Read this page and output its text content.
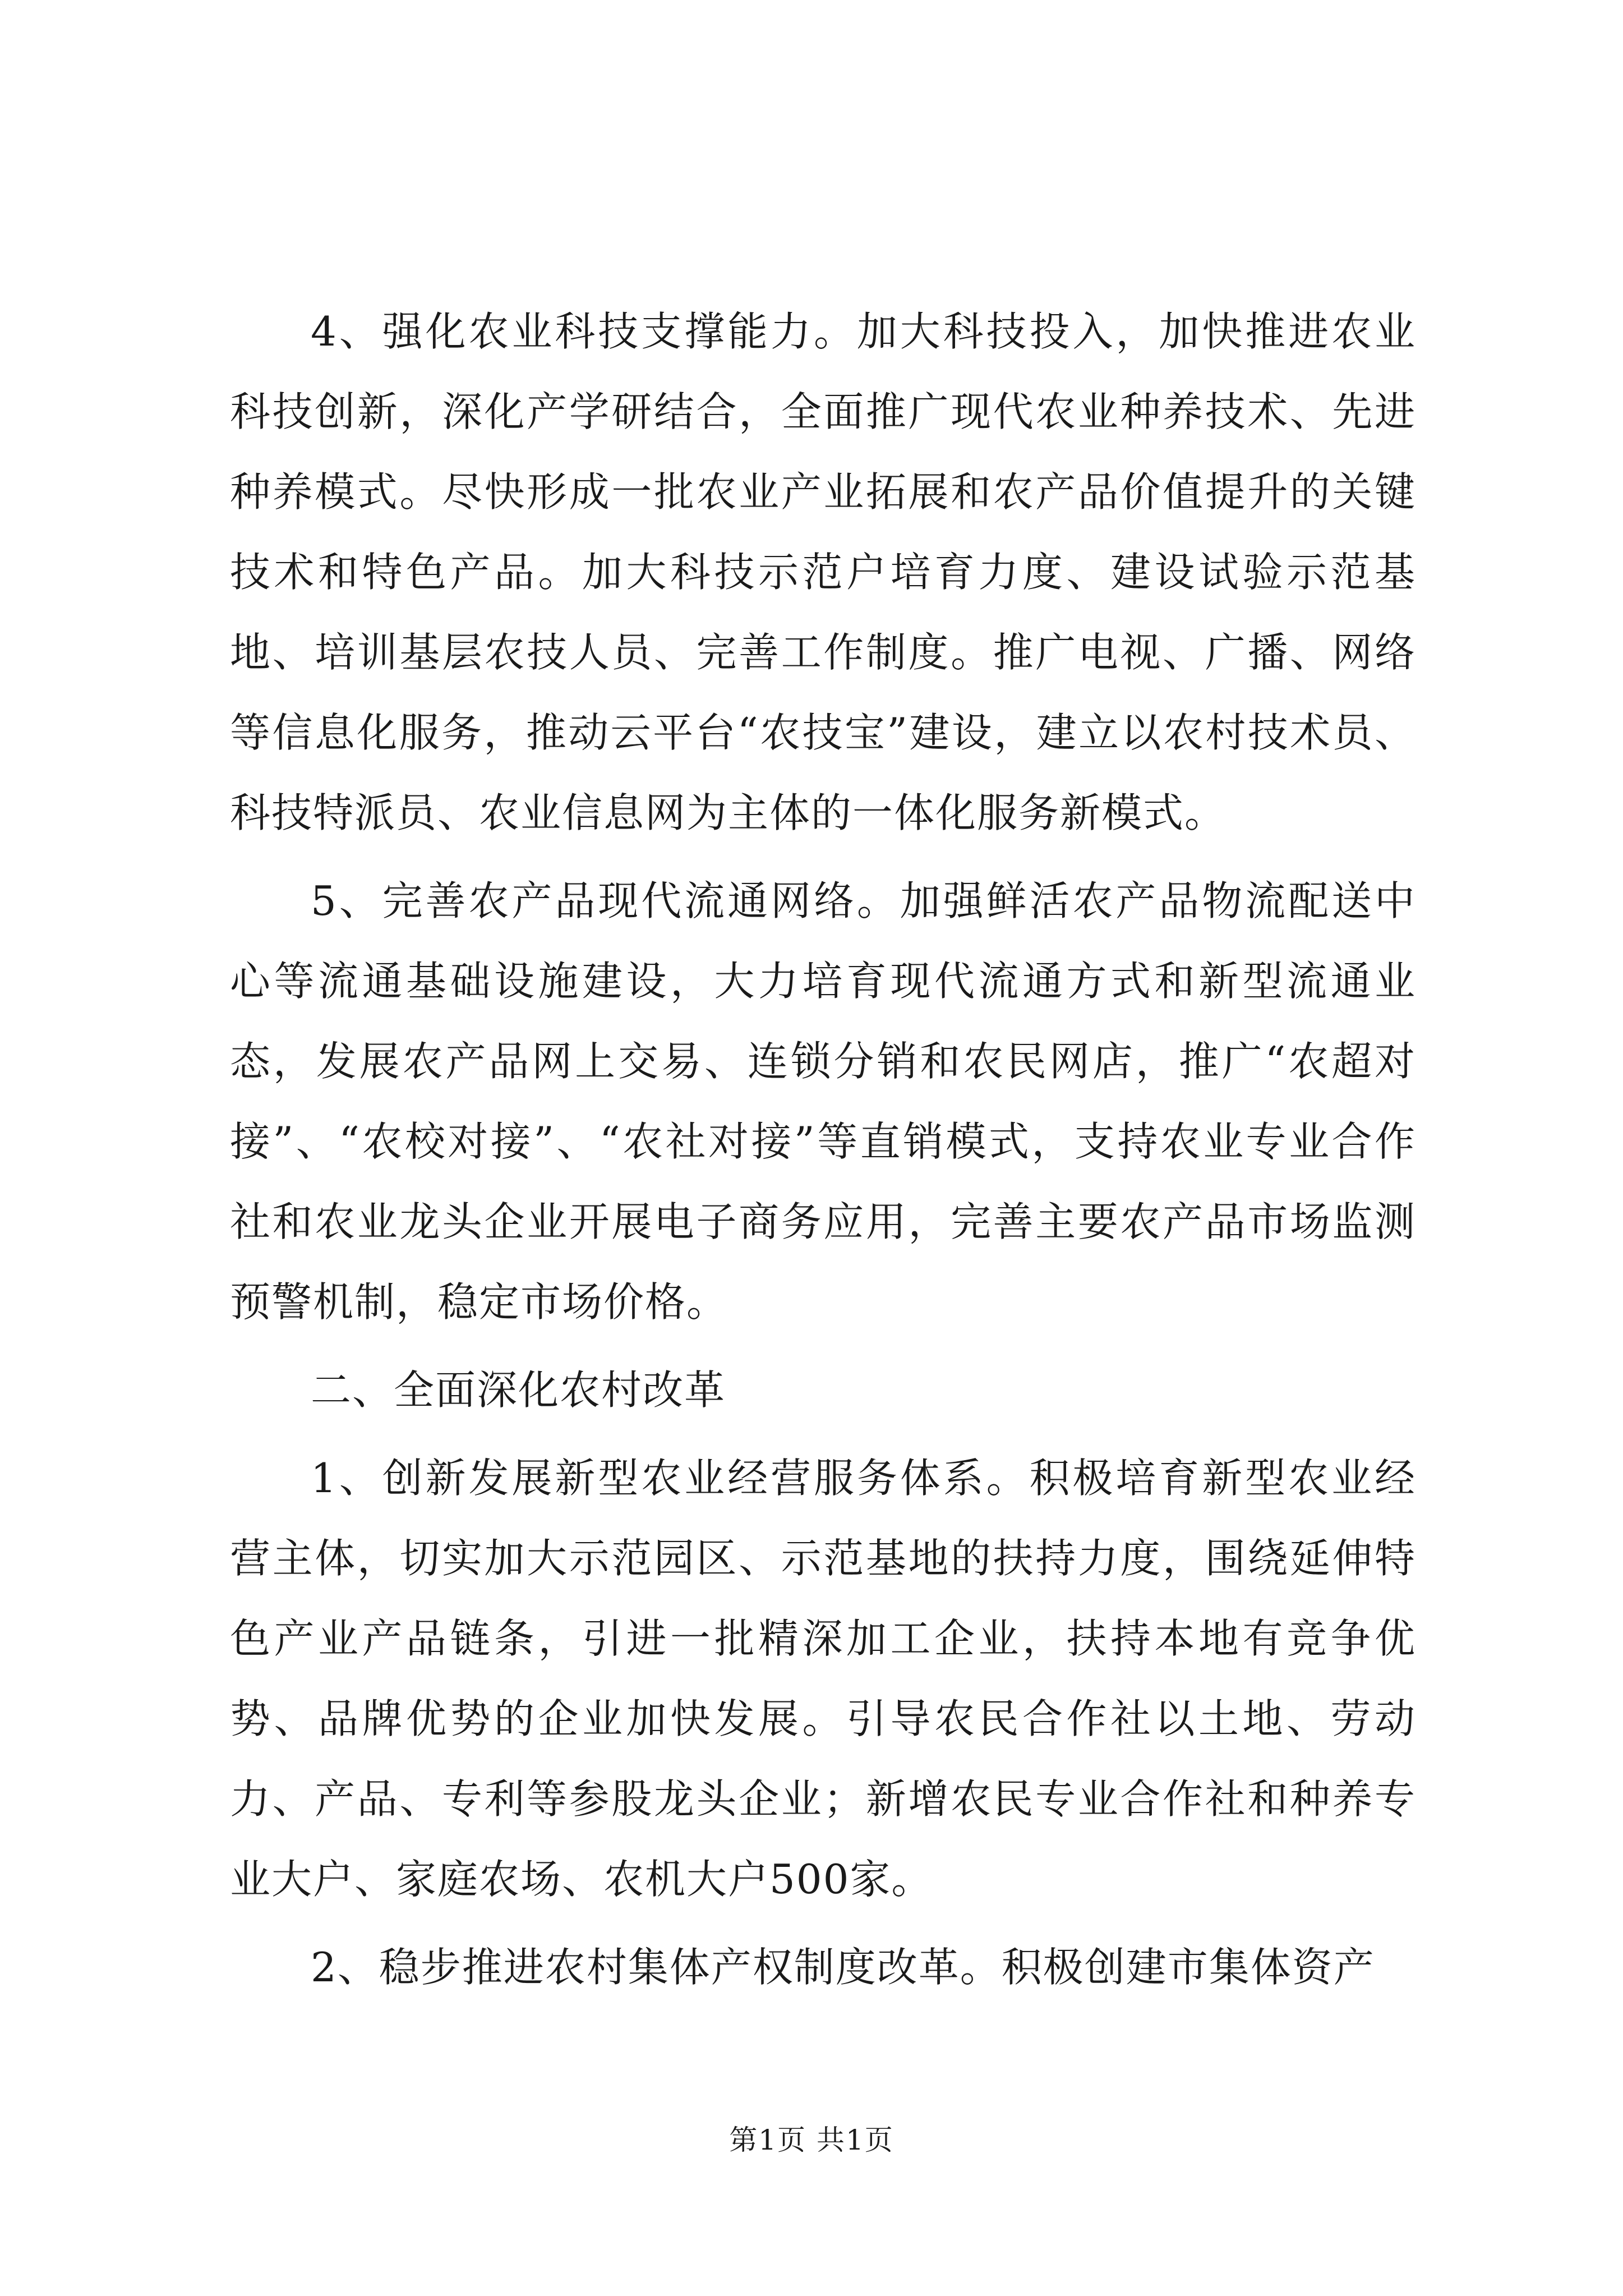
4、强化农业科技支撑能力。加大科技投入，加快推进农业科技创新，深化产学研结合，全面推广现代农业种养技术、先进种养模式。尽快形成一批农业产业拓展和农产品价值提升的关键技术和特色产品。加大科技示范户培育力度、建设试验示范基地、培训基层农技人员、完善工作制度。推广电视、广播、网络等信息化服务，推动云平台“农技宝”建设，建立以农村技术员、科技特派员、农业信息网为主体的一体化服务新模式。

5、完善农产品现代流通网络。加强鲜活农产品物流配送中心等流通基础设施建设，大力培育现代流通方式和新型流通业态，发展农产品网上交易、连锁分销和农民网店，推广“农超对接”、“农校对接”、“农社对接”等直销模式，支持农业专业合作社和农业龙头企业开展电子商务应用，完善主要农产品市场监测预警机制，稳定市场价格。

二、全面深化农村改革

1、创新发展新型农业经营服务体系。积极培育新型农业经营主体，切实加大示范园区、示范基地的扶持力度，围绕延伸特色产业产品链条，引进一批精深加工企业，扶持本地有竞争优势、品牌优势的企业加快发展。引导农民合作社以土地、劳动力、产品、专利等参股龙头企业；新增农民专业合作社和种养专业大户、家庭农场、农机大户500家。

2、稳步推进农村集体产权制度改革。积极创建市集体资产

第1页 共1页
